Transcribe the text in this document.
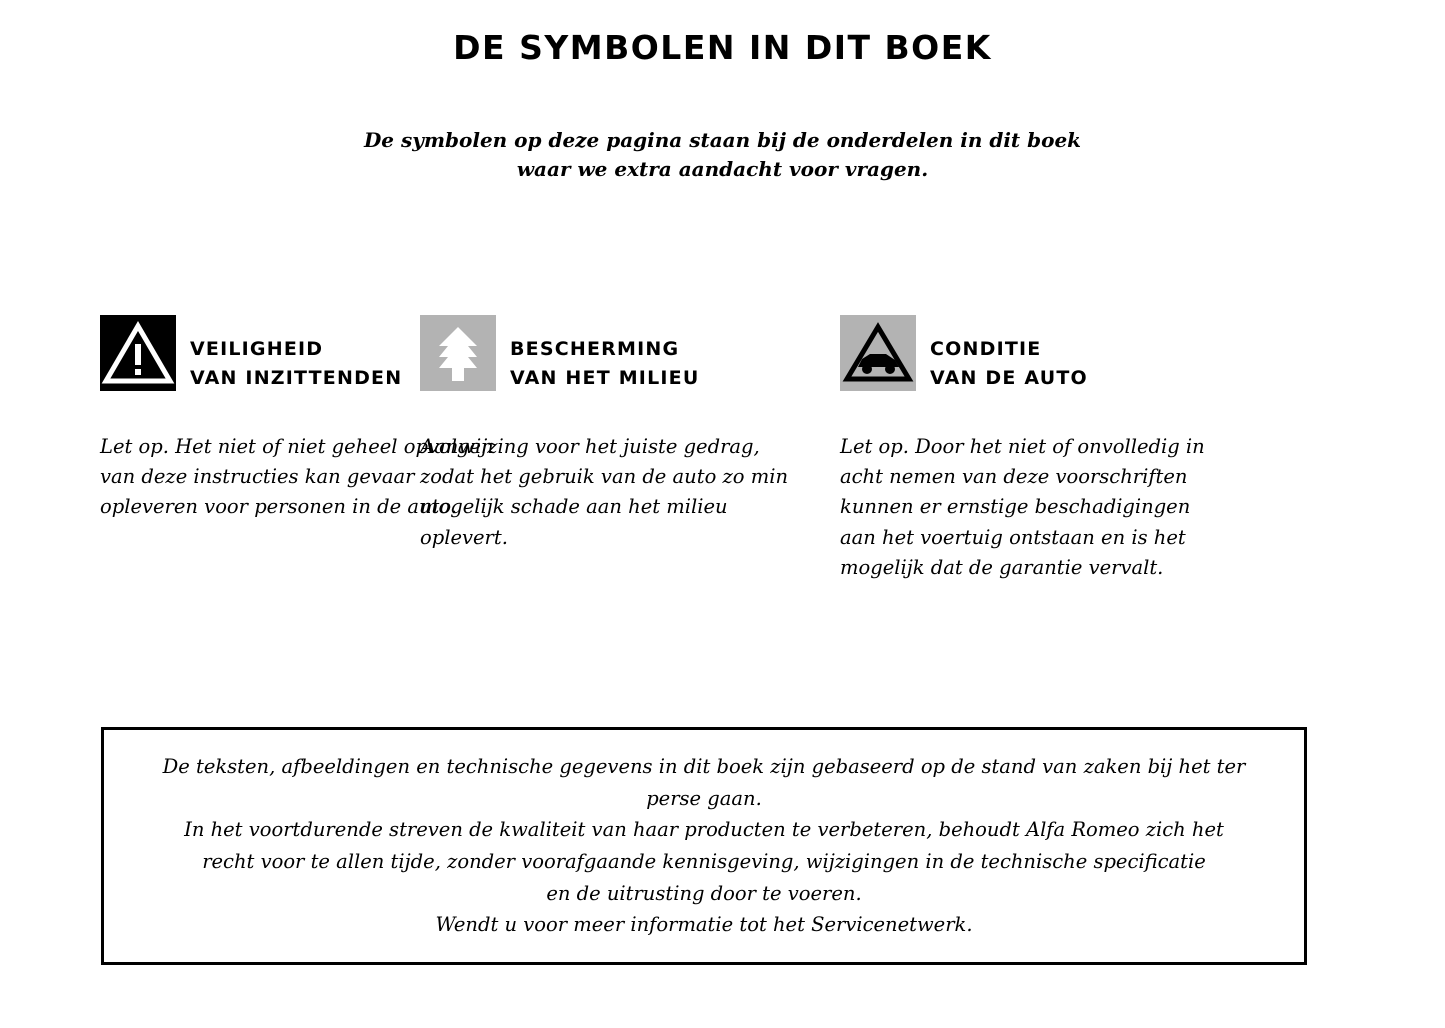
DE SYMBOLEN IN DIT BOEK
De symbolen op deze pagina staan bij de onderdelen in dit boek
waar we extra aandacht voor vragen.
VEILIGHEID
VAN INZITTENDEN
Let op. Het niet of niet geheel opvolgen van deze instructies kan gevaar opleveren voor personen in de auto.
BESCHERMING
VAN HET MILIEU
Aanwijzing voor het juiste gedrag, zodat het gebruik van de auto zo min mogelijk schade aan het milieu oplevert.
CONDITIE
VAN DE AUTO
Let op. Door het niet of onvolledig in acht nemen van deze voorschriften kunnen er ernstige beschadigingen aan het voertuig ontstaan en is het mogelijk dat de garantie vervalt.
De teksten, afbeeldingen en technische gegevens in dit boek zijn gebaseerd op de stand van zaken bij het ter perse gaan.
In het voortdurende streven de kwaliteit van haar producten te verbeteren, behoudt Alfa Romeo zich het
recht voor te allen tijde, zonder voorafgaande kennisgeving, wijzigingen in de technische specificatie
en de uitrusting door te voeren.
Wendt u voor meer informatie tot het Servicenetwerk.
